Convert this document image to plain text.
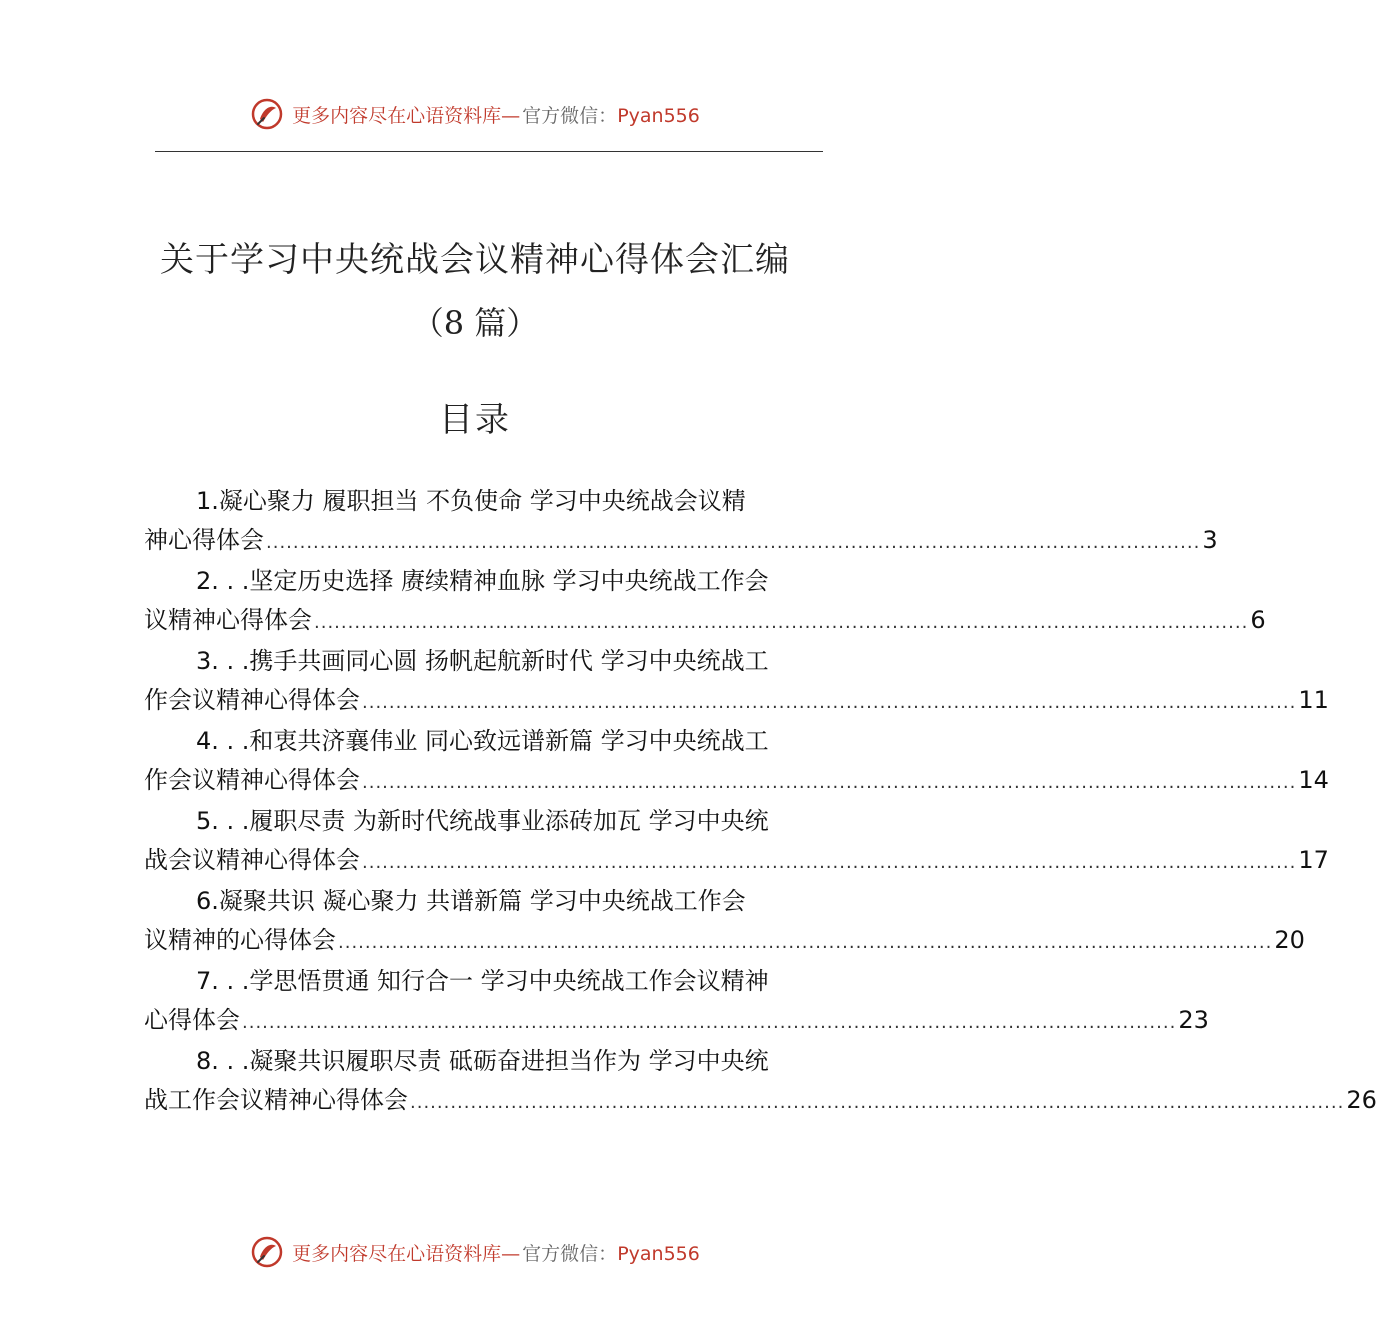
更多内容尽在心语资料库— 官方微信：Pyan556
关于学习中央统战会议精神心得体会汇编
（8 篇）
目录
1.凝心聚力 履职担当 不负使命 学习中央统战会议精
神心得体会 ........................................................................................................................................... 3
2. . .坚定历史选择 赓续精神血脉 学习中央统战工作会
议精神心得体会 ........................................................................................................................................... 6
3. . .携手共画同心圆 扬帆起航新时代 学习中央统战工
作会议精神心得体会 ........................................................................................................................................... 11
4. . .和衷共济襄伟业 同心致远谱新篇 学习中央统战工
作会议精神心得体会 ........................................................................................................................................... 14
5. . .履职尽责 为新时代统战事业添砖加瓦 学习中央统
战会议精神心得体会 ........................................................................................................................................... 17
6.凝聚共识 凝心聚力 共谱新篇 学习中央统战工作会
议精神的心得体会 ........................................................................................................................................... 20
7. . .学思悟贯通 知行合一 学习中央统战工作会议精神
心得体会 ........................................................................................................................................... 23
8. . .凝聚共识履职尽责 砥砺奋进担当作为 学习中央统
战工作会议精神心得体会 ........................................................................................................................................... 26
更多内容尽在心语资料库— 官方微信：Pyan556
